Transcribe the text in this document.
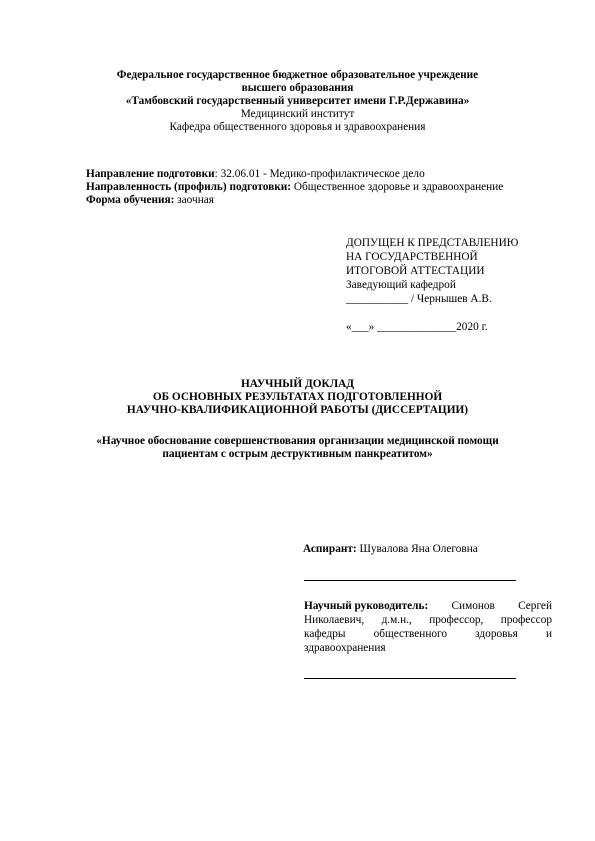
Федеральное государственное бюджетное образовательное учреждение
высшего образования
«Тамбовский государственный университет имени Г.Р.Державина»
Медицинский институт
Кафедра общественного здоровья и здравоохранения
Направление подготовки: 32.06.01 - Медико-профилактическое дело
Направленность (профиль) подготовки: Общественное здоровье и здравоохранение
Форма обучения: заочная
ДОПУЩЕН К ПРЕДСТАВЛЕНИЮ
НА ГОСУДАРСТВЕННОЙ
ИТОГОВОЙ АТТЕСТАЦИИ
Заведующий кафедрой
___________ / Чернышев А.В.
«___» ______________2020 г.
НАУЧНЫЙ ДОКЛАД
ОБ ОСНОВНЫХ РЕЗУЛЬТАТАХ ПОДГОТОВЛЕННОЙ
НАУЧНО-КВАЛИФИКАЦИОННОЙ РАБОТЫ (ДИССЕРТАЦИИ)
«Научное обоснование совершенствования организации медицинской помощи
пациентам с острым деструктивным панкреатитом»
Аспирант: Шувалова Яна Олеговна
Научный руководитель: Симонов Сергей
Николаевич, д.м.н., профессор, профессор
кафедры общественного здоровья и
здравоохранения
